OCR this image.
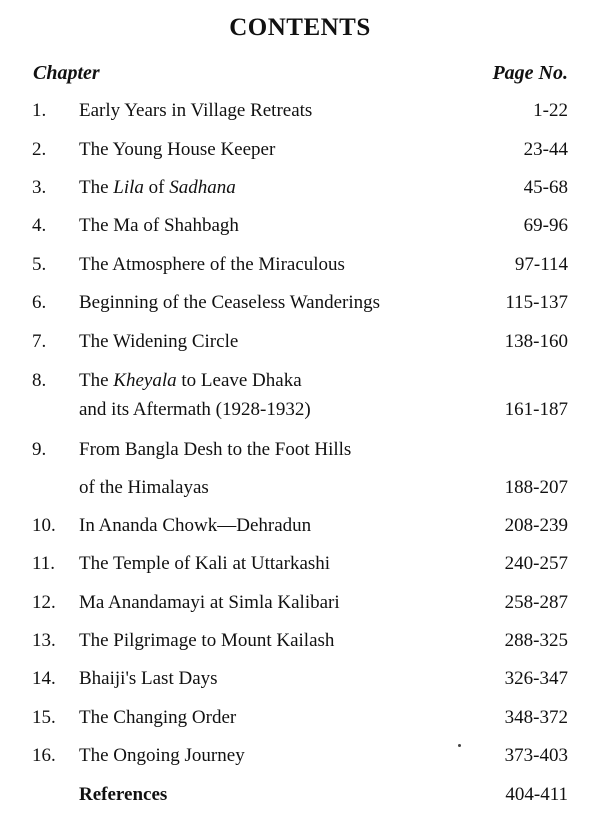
CONTENTS
Chapter	Page No.
1. Early Years in Village Retreats	1-22
2. The Young House Keeper	23-44
3. The Lila of Sadhana	45-68
4. The Ma of Shahbagh	69-96
5. The Atmosphere of the Miraculous	97-114
6. Beginning of the Ceaseless Wanderings	115-137
7. The Widening Circle	138-160
8. The Kheyala to Leave Dhaka
and its Aftermath (1928-1932)	161-187
9. From Bangla Desh to the Foot Hills
of the Himalayas	188-207
10. In Ananda Chowk—Dehradun	208-239
11. The Temple of Kali at Uttarkashi	240-257
12. Ma Anandamayi at Simla Kalibari	258-287
13. The Pilgrimage to Mount Kailash	288-325
14. Bhaiji's Last Days	326-347
15. The Changing Order	348-372
16. The Ongoing Journey	373-403
References	404-411
